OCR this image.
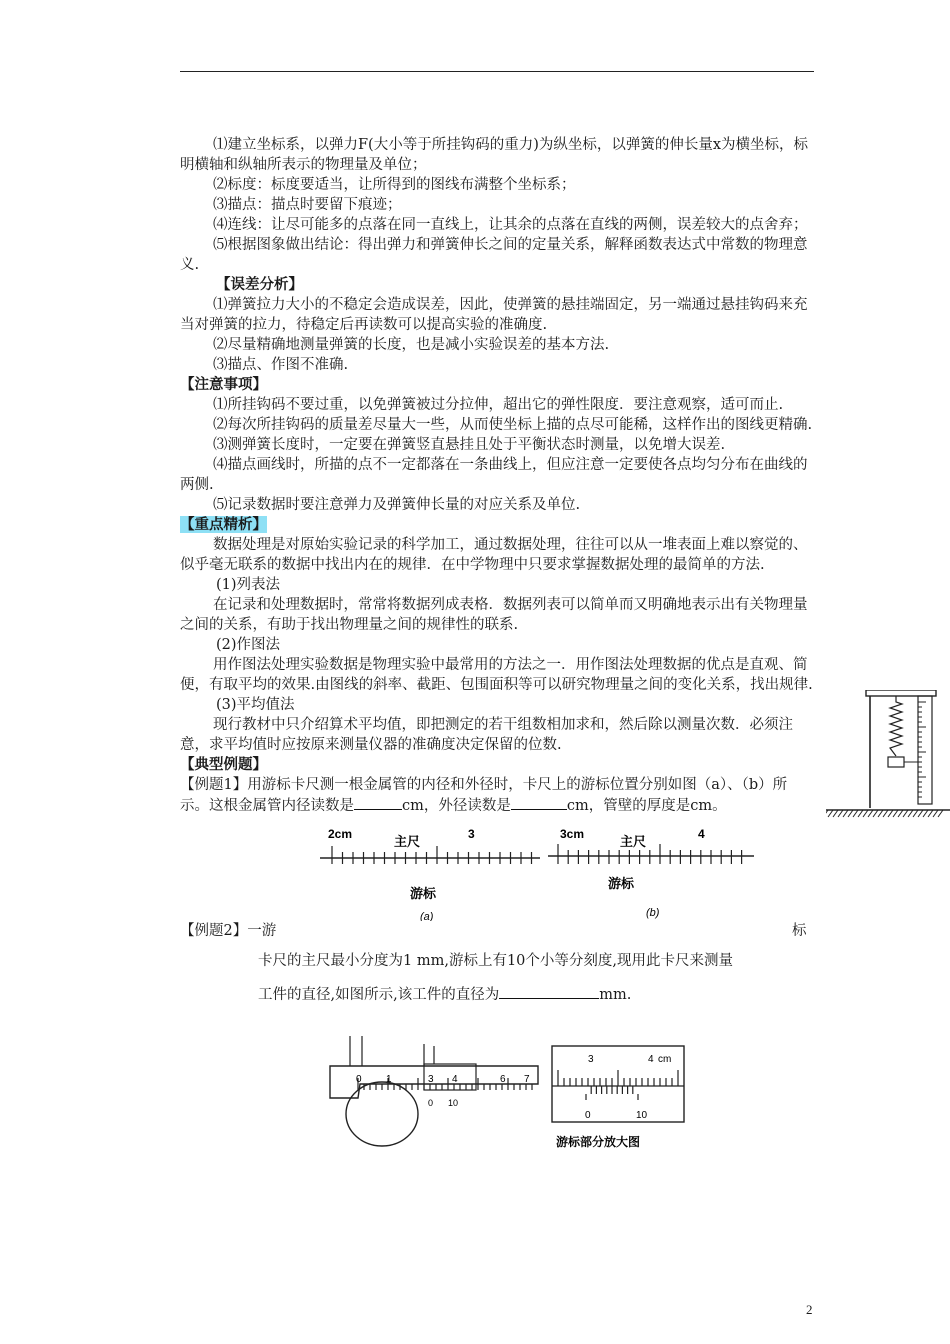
⑴建立坐标系，以弹力F(大小等于所挂钩码的重力)为纵坐标，以弹簧的伸长量x为横坐标，标明横轴和纵轴所表示的物理量及单位；

⑵标度：标度要适当，让所得到的图线布满整个坐标系；

⑶描点：描点时要留下痕迹；

⑷连线：让尽可能多的点落在同一直线上，让其余的点落在直线的两侧，误差较大的点舍弃；

⑸根据图象做出结论：得出弹力和弹簧伸长之间的定量关系，解释函数表达式中常数的物理意义.

【误差分析】

⑴弹簧拉力大小的不稳定会造成误差，因此，使弹簧的悬挂端固定，另一端通过悬挂钩码来充当对弹簧的拉力，待稳定后再读数可以提高实验的准确度.

⑵尽量精确地测量弹簧的长度，也是减小实验误差的基本方法.

⑶描点、作图不准确.

【注意事项】

⑴所挂钩码不要过重，以免弹簧被过分拉伸，超出它的弹性限度．要注意观察，适可而止.

⑵每次所挂钩码的质量差尽量大一些，从而使坐标上描的点尽可能稀，这样作出的图线更精确.

⑶测弹簧长度时，一定要在弹簧竖直悬挂且处于平衡状态时测量，以免增大误差.

⑷描点画线时，所描的点不一定都落在一条曲线上，但应注意一定要使各点均匀分布在曲线的两侧.

⑸记录数据时要注意弹力及弹簧伸长量的对应关系及单位.

【重点精析】

数据处理是对原始实验记录的科学加工，通过数据处理，往往可以从一堆表面上难以察觉的、似乎毫无联系的数据中找出内在的规律．在中学物理中只要求掌握数据处理的最简单的方法.

(1)列表法

在记录和处理数据时，常常将数据列成表格．数据列表可以简单而又明确地表示出有关物理量之间的关系，有助于找出物理量之间的规律性的联系.

(2)作图法

用作图法处理实验数据是物理实验中最常用的方法之一．用作图法处理数据的优点是直观、简便，有取平均的效果.由图线的斜率、截距、包围面积等可以研究物理量之间的变化关系，找出规律.

(3)平均值法

现行教材中只介绍算术平均值，即把测定的若干组数相加求和，然后除以测量次数．必须注意，求平均值时应按原来测量仪器的准确度决定保留的位数.

【典型例题】

【例题1】用游标卡尺测一根金属管的内径和外径时，卡尺上的游标位置分别如图（a）、（b）所示。这根金属管内径读数是	cm，外径读数是	cm，管壁的厚度是cm。

2cm	主尺	3
游标
(a)
3cm	主尺	4
游标
(b)
【例题2】一游	标
卡尺的主尺最小分度为1 mm,游标上有10个小等分刻度,现用此卡尺来测量
工件的直径,如图所示,该工件的直径为	mm.
0 1	3 4	6 7
0 10
3	4 cm
0	10
游标部分放大图
2
